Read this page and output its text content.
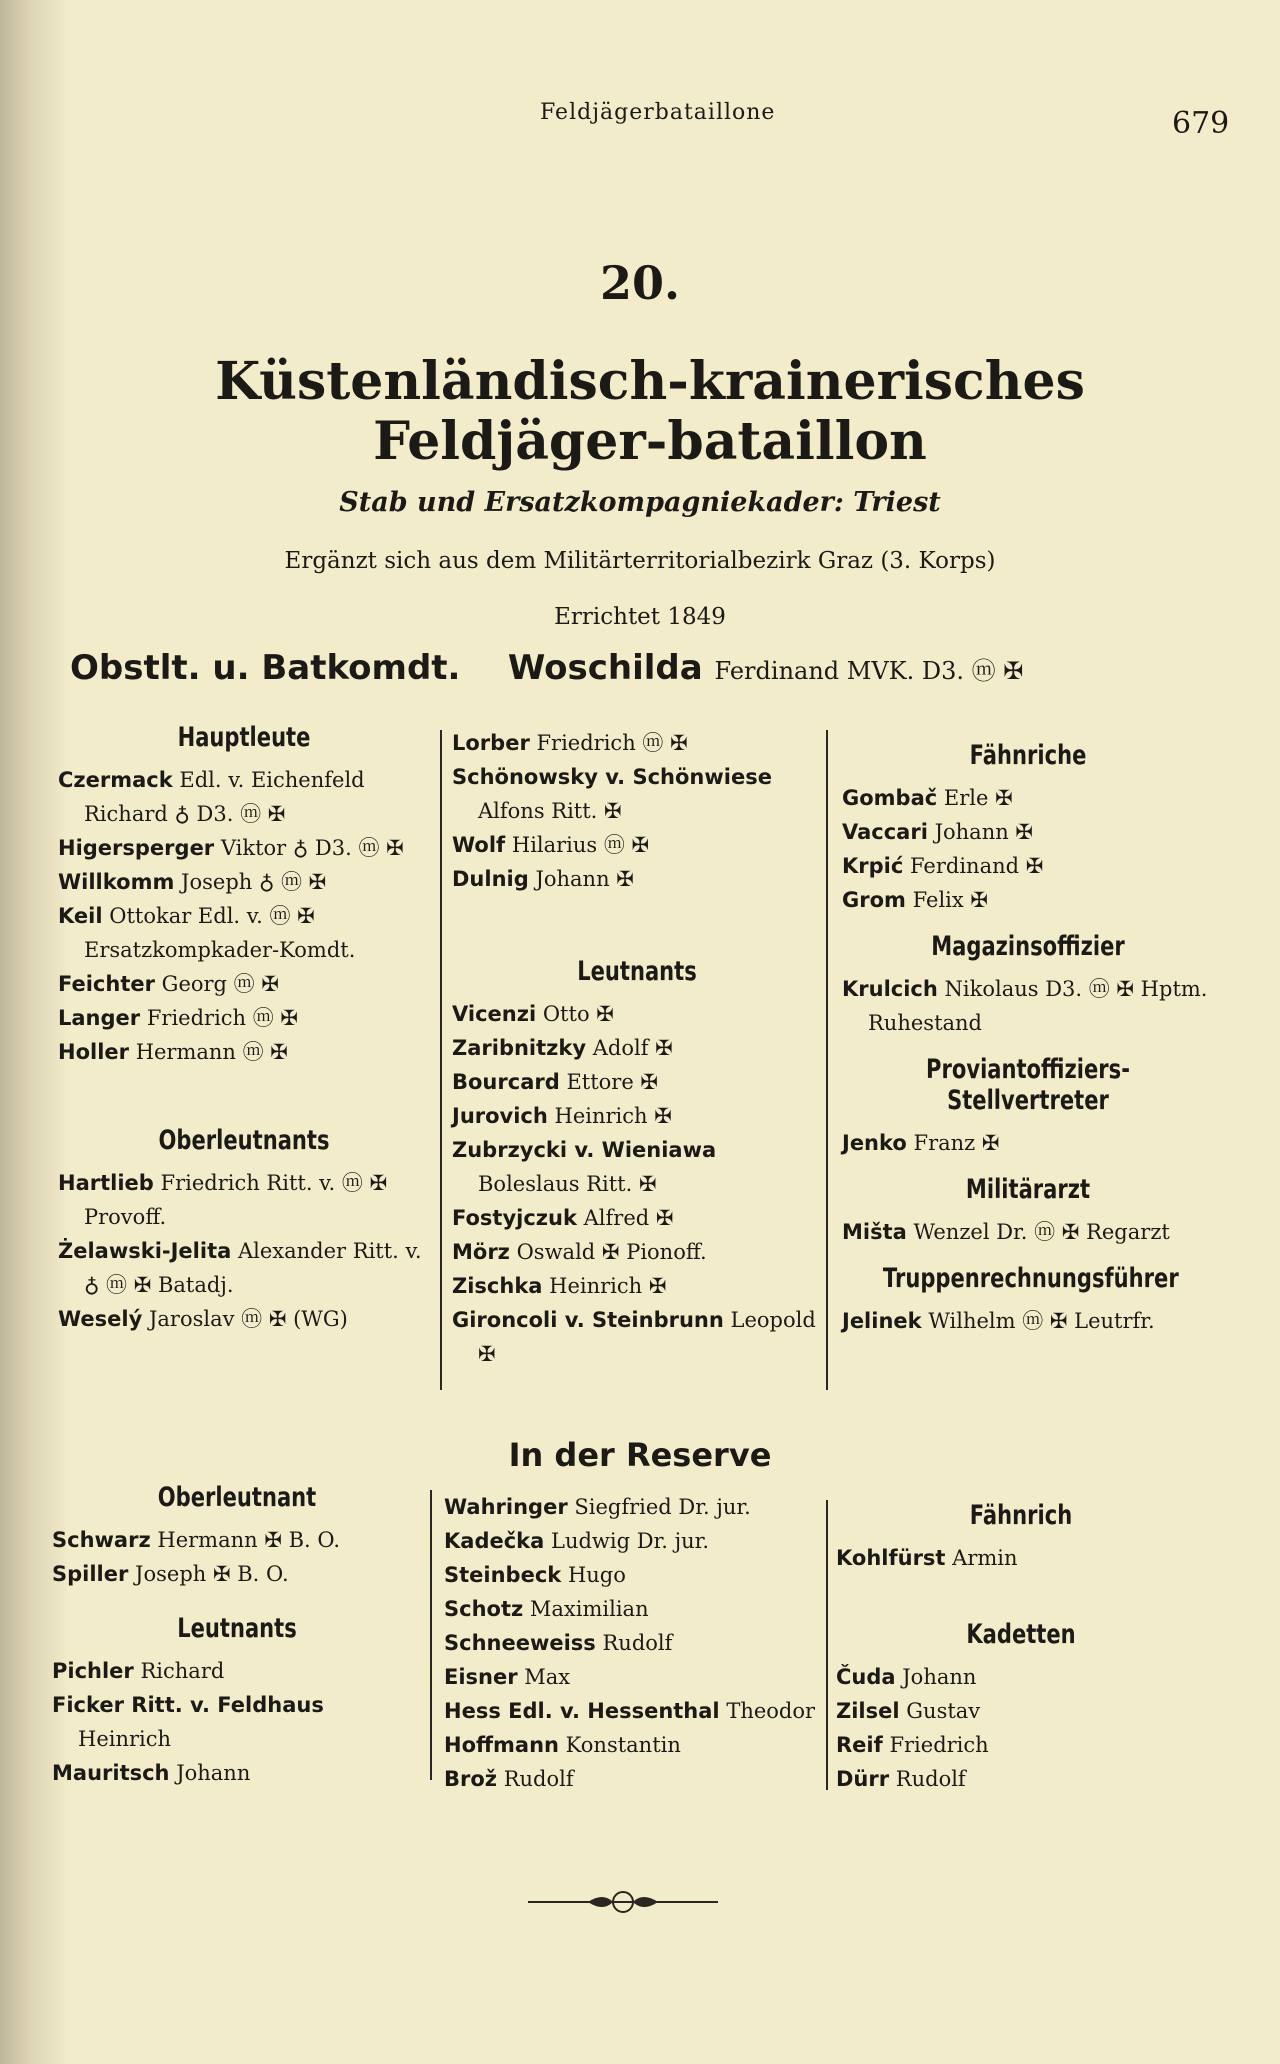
Feldjägerbataillone	679
20.
Küstenländisch-krainerisches Feldjäger-bataillon
Stab und Ersatzkompagniekader: Triest
Ergänzt sich aus dem Militärterritorialbezirk Graz (3. Korps)
Errichtet 1849
Obstlt. u. Batkomdt. Woschilda Ferdinand MVK. D3. ⓜ ✠
Hauptleute
Czermack Edl. v. Eichenfeld Richard ♁ D3. ⓜ ✠
Higersperger Viktor ♁ D3. ⓜ ✠
Willkomm Joseph ♁ ⓜ ✠
Keil Ottokar Edl. v. ⓜ ✠ Ersatzkompkader-Komdt.
Feichter Georg ⓜ ✠
Langer Friedrich ⓜ ✠
Holler Hermann ⓜ ✠
Oberleutnants
Hartlieb Friedrich Ritt. v. ⓜ ✠ Provoff.
Żelawski-Jelita Alexander Ritt. v. ♁ ⓜ ✠ Batadj.
Weselý Jaroslav ⓜ ✠ (WG)
Lorber Friedrich ⓜ ✠
Schönowsky v. Schönwiese Alfons Ritt. ✠
Wolf Hilarius ⓜ ✠
Dulnig Johann ✠
Leutnants
Vicenzi Otto ✠
Zaribnitzky Adolf ✠
Bourcard Ettore ✠
Jurovich Heinrich ✠
Zubrzycki v. Wieniawa Boleslaus Ritt. ✠
Fostyjczuk Alfred ✠
Mörz Oswald ✠ Pionoff.
Zischka Heinrich ✠
Gironcoli v. Steinbrunn Leopold ✠
Fähnriche
Gombač Erle ✠
Vaccari Johann ✠
Krpić Ferdinand ✠
Grom Felix ✠
Magazinsoffizier
Krulcich Nikolaus D3. ⓜ ✠ Hptm. Ruhestand
Proviantoffiziers-Stellvertreter
Jenko Franz ✠
Militärarzt
Mišta Wenzel Dr. ⓜ ✠ Regarzt
Truppenrechnungsführer
Jelinek Wilhelm ⓜ ✠ Leutrfr.
In der Reserve
Oberleutnant
Schwarz Hermann ✠ B. O.
Spiller Joseph ✠ B. O.
Leutnants
Pichler Richard
Ficker Ritt. v. Feldhaus Heinrich
Mauritsch Johann
Wahringer Siegfried Dr. jur.
Kadečka Ludwig Dr. jur.
Steinbeck Hugo
Schotz Maximilian
Schneeweiss Rudolf
Eisner Max
Hess Edl. v. Hessenthal Theodor
Hoffmann Konstantin
Brož Rudolf
Fähnrich
Kohlfürst Armin
Kadetten
Čuda Johann
Zilsel Gustav
Reif Friedrich
Dürr Rudolf
